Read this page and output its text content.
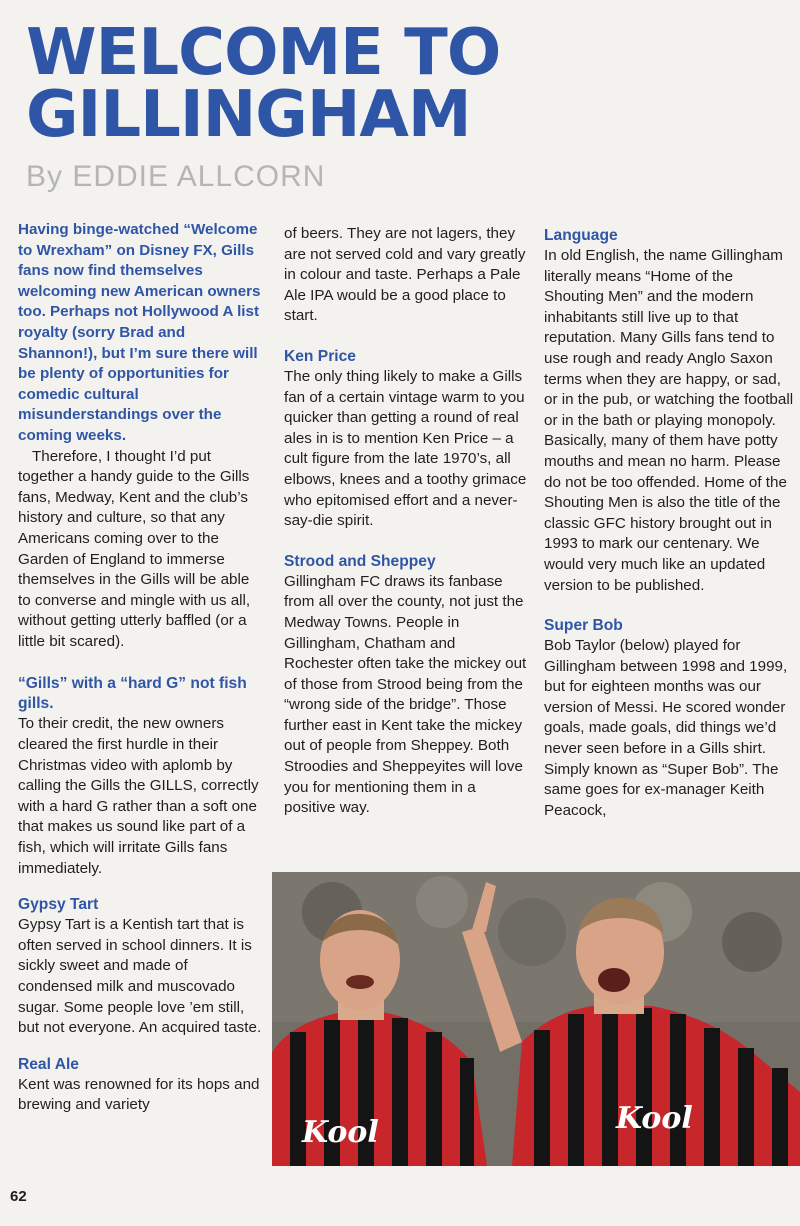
WELCOME TO
GILLINGHAM
By EDDIE ALLCORN

Having binge-watched “Welcome to Wrexham” on Disney FX, Gills fans now find themselves welcoming new American owners too. Perhaps not Hollywood A list royalty (sorry Brad and Shannon!), but I’m sure there will be plenty of opportunities for comedic cultural misunderstandings over the coming weeks.

Therefore, I thought I’d put together a handy guide to the Gills fans, Medway, Kent and the club’s history and culture, so that any Americans coming over to the Garden of England to immerse themselves in the Gills will be able to converse and mingle with us all, without getting utterly baffled (or a little bit scared).

“Gills” with a “hard G” not fish gills.

To their credit, the new owners cleared the first hurdle in their Christmas video with aplomb by calling the Gills the GILLS, correctly with a hard G rather than a soft one that makes us sound like part of a fish, which will irritate Gills fans immediately.

Gypsy Tart

Gypsy Tart is a Kentish tart that is often served in school dinners. It is sickly sweet and made of condensed milk and muscovado sugar. Some people love ’em still, but not everyone. An acquired taste.

Real Ale

Kent was renowned for its hops and brewing and variety

of beers. They are not lagers, they are not served cold and vary greatly in colour and taste. Perhaps a Pale Ale IPA would be a good place to start.

Ken Price

The only thing likely to make a Gills fan of a certain vintage warm to you quicker than getting a round of real ales in is to mention Ken Price – a cult figure from the late 1970’s, all elbows, knees and a toothy grimace who epitomised effort and a never-say-die spirit.

Strood and Sheppey

Gillingham FC draws its fanbase from all over the county, not just the Medway Towns. People in Gillingham, Chatham and Rochester often take the mickey out of those from Strood being from the “wrong side of the bridge”. Those further east in Kent take the mickey out of people from Sheppey. Both Stroodies and Sheppeyites will love you for mentioning them in a positive way.

Language

In old English, the name Gillingham literally means “Home of the Shouting Men” and the modern inhabitants still live up to that reputation. Many Gills fans tend to use rough and ready Anglo Saxon terms when they are happy, or sad, or in the pub, or watching the football or in the bath or playing monopoly. Basically, many of them have potty mouths and mean no harm. Please do not be too offended. Home of the Shouting Men is also the title of the classic GFC history brought out in 1993 to mark our centenary. We would very much like an updated version to be published.

Super Bob

Bob Taylor (below) played for Gillingham between 1998 and 1999, but for eighteen months was our version of Messi. He scored wonder goals, made goals, did things we’d never seen before in a Gills shirt. Simply known as “Super Bob”. The same goes for ex-manager Keith Peacock,

Kool	Kool
62
